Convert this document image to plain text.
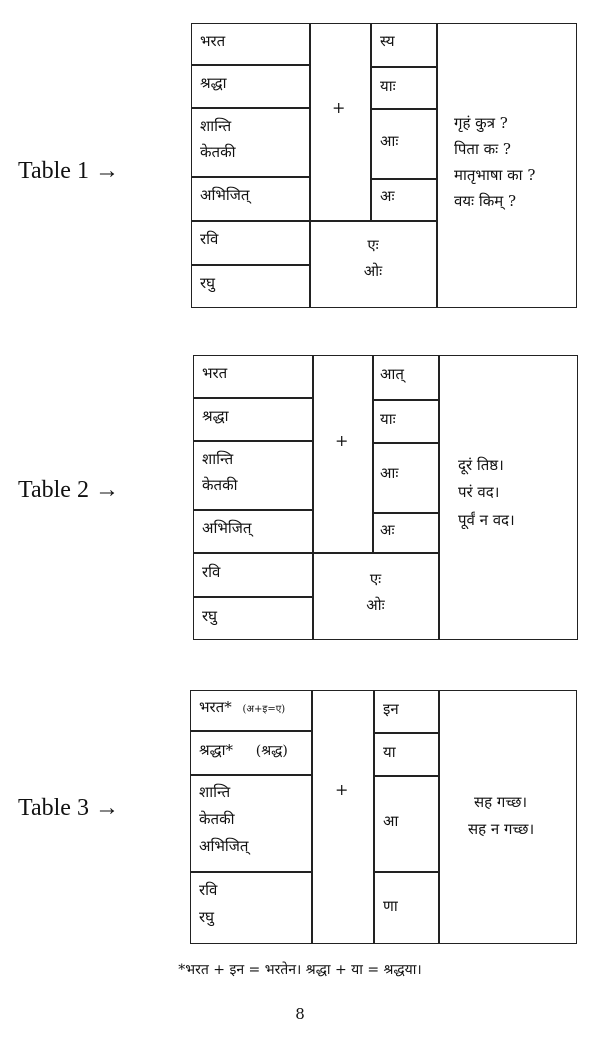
Table 1 →
भरत
श्रद्धा
शान्ति
केतकी
अभिजित्
रवि
रघु
+
स्य
याः
आः
अः
एः
ओः
गृहं कुत्र ?
पिता कः ?
मातृभाषा का ?
वयः किम् ?
Table 2 →
भरत
श्रद्धा
शान्ति
केतकी
अभिजित्
रवि
रघु
+
आत्
याः
आः
अः
एः
ओः
दूरं तिष्ठ।
परं वद।
पूर्वं न वद।
Table 3 →
भरत* (अ+इ=ए)
श्रद्धा* (श्रद्ध)
शान्ति
केतकी
अभिजित्
रवि
रघु
+
इन
या
आ
णा
सह गच्छ।
सह न गच्छ।
*भरत + इन = भरतेन। श्रद्धा + या = श्रद्धया।
8
